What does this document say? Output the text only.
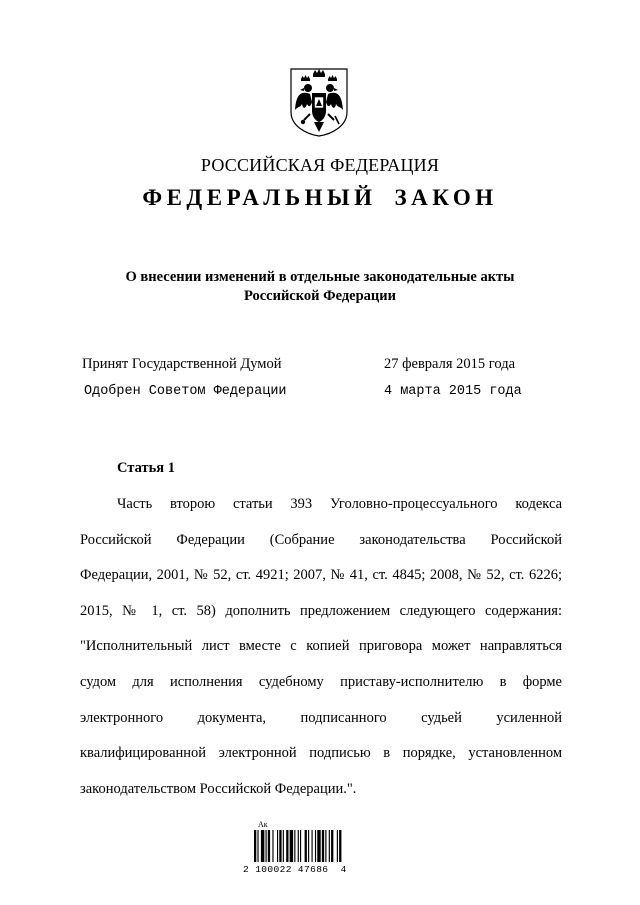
РОССИЙСКАЯ ФЕДЕРАЦИЯ
ФЕДЕРАЛЬНЫЙ ЗАКОН
О внесении изменений в отдельные законодательные акты
Российской Федерации
Принят Государственной Думой	27 февраля 2015 года
Одобрен Советом Федерации	4 марта 2015 года
Статья 1
Часть второю статьи 393 Уголовно-процессуального кодекса
Российской Федерации (Собрание законодательства Российской
Федерации, 2001, № 52, ст. 4921; 2007, № 41, ст. 4845; 2008, № 52, ст. 6226;
2015, № 1, ст. 58) дополнить предложением следующего содержания:
"Исполнительный лист вместе с копией приговора может направляться
судом для исполнения судебному приставу-исполнителю в форме
электронного документа, подписанного судьей усиленной
квалифицированной электронной подписью в порядке, установленном
законодательством Российской Федерации.".
Ак
2 100022 47686  4
